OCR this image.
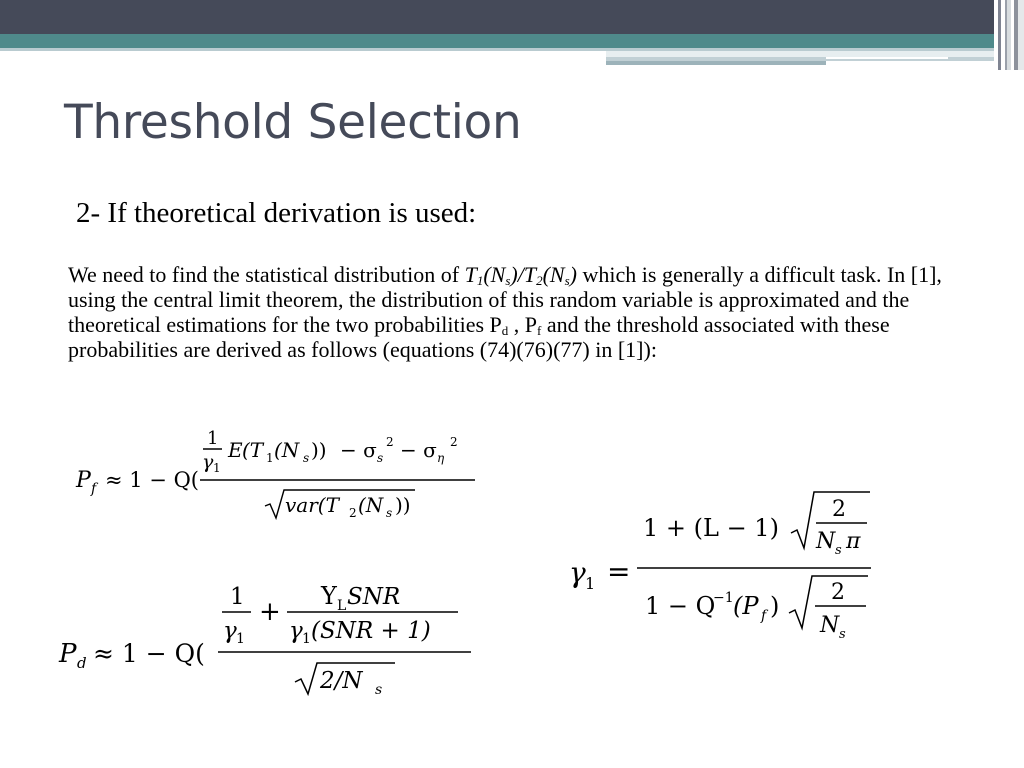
Threshold Selection
2- If theoretical derivation is used:
We need to find the statistical distribution of $T_1(N_s)/T_2(N_s)$ which is generally a difficult task. In [1], using the central limit theorem, the distribution of this random variable is approximated and the theoretical estimations for the two probabilities $P_d$ , $P_f$ and the threshold associated with these probabilities are derived as follows (equations (74)(76)(77) in [1]):
P f ≈ 1 − Q(
1
γ 1
E (T 1 (N s )) − σ s
2 − σ η
2
var(T 2 (N s ))
P d ≈ 1 − Q(
1
γ 1
+
Υ L SNR
γ 1 (SNR + 1)
2/N s
γ 1 =
1 + (L − 1)
2
N s π
1 − Q
−1 (P f ) 2
N s
